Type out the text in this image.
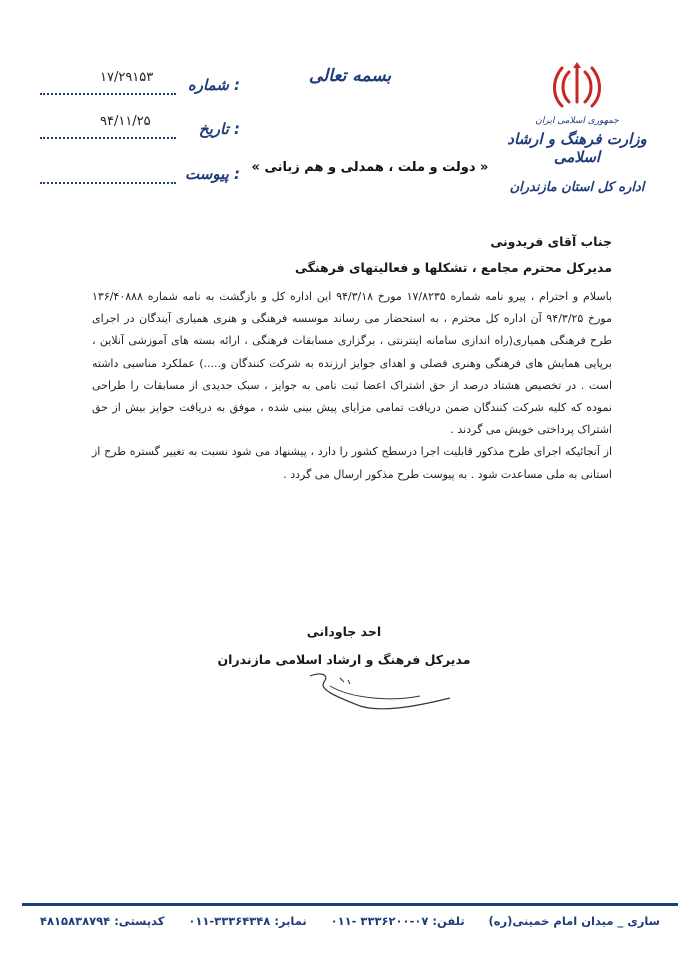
جمهوری اسلامی ایران
وزارت فرهنگ و ارشاد اسلامی
اداره کل استان مازندران
بسمه تعالی
« دولت و ملت ، همدلی و هم زبانی »
: شماره
۱۷/۲۹۱۵۳
: تاریخ
۹۴/۱۱/۲۵
: پیوست
جناب آقای فریدونی
مدیرکل محترم مجامع ، تشکلها و فعالیتهای فرهنگی

باسلام و احترام ، پیرو نامه شماره ۱۷/۸۲۳۵ مورخ ۹۴/۳/۱۸ این اداره کل و بازگشت به نامه شماره ۱۳۶/۴۰۸۸۸ مورخ ۹۴/۳/۲۵ آن اداره کل محترم ، به استحضار می رساند موسسه فرهنگی و هنری همیاری آیندگان در اجرای طرح فرهنگی همیاری(راه اندازی سامانه اینترنتی ، برگزاری مسابقات فرهنگی ، ارائه بسته های آموزشی آنلاین ، برپایی همایش های فرهنگی وهنری فصلی و اهدای جوایز ارزنده به شرکت کنندگان و.....) عملکرد مناسبی داشته است . در تخصیص هشتاد درصد از حق اشتراک اعضا ثبت نامی به جوایز ، سبک جدیدی از مسابقات را طراحی نموده که کلیه شرکت کنندگان ضمن دریافت تمامی مزایای پیش بینی شده ، موفق به دریافت جوایز بیش از حق اشتراک پرداختی خویش می گردند .

از آنجائیکه اجرای طرح مذکور قابلیت اجرا درسطح کشور را دارد ، پیشنهاد می شود نسبت به تغییر گستره طرح از استانی به ملی مساعدت شود . به پیوست طرح مذکور ارسال می گردد .

احد جاودانی
مدیرکل فرهنگ و ارشاد اسلامی مازندران
ساری _ میدان امام خمینی(ره)
تلفن: ۰۷-۳۳۳۶۲۰۰ -۰۱۱
نمابر: ۳۳۳۶۴۳۴۸-۰۱۱
کدپستی: ۴۸۱۵۸۳۸۷۹۴
